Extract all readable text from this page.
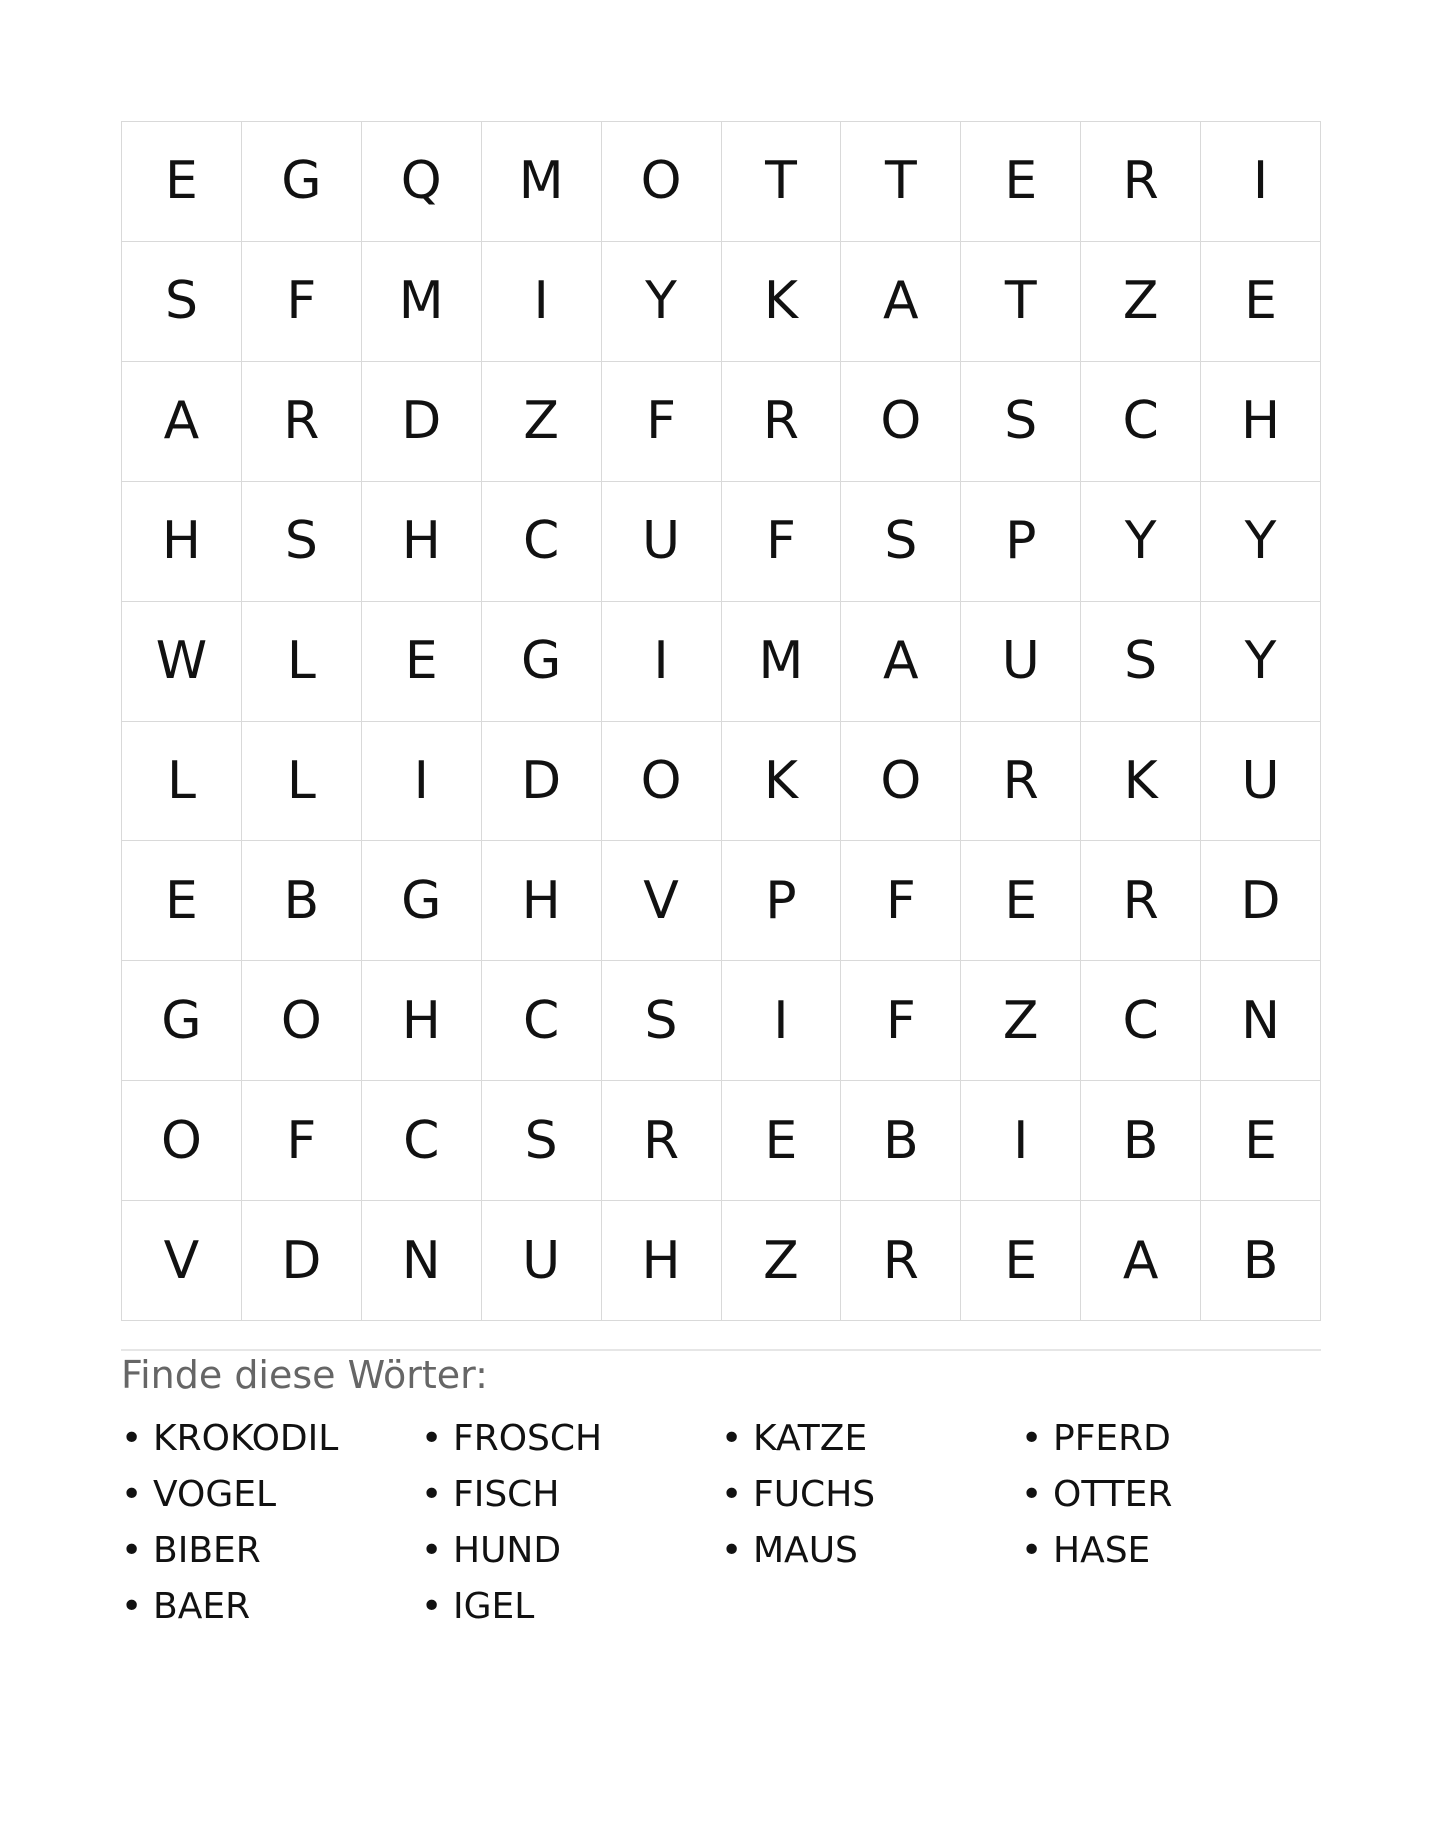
E	G	Q	M	O	T	T	E	R	I
S	F	M	I	Y	K	A	T	Z	E
A	R	D	Z	F	R	O	S	C	H
H	S	H	C	U	F	S	P	Y	Y
W	L	E	G	I	M	A	U	S	Y
L	L	I	D	O	K	O	R	K	U
E	B	G	H	V	P	F	E	R	D
G	O	H	C	S	I	F	Z	C	N
O	F	C	S	R	E	B	I	B	E
V	D	N	U	H	Z	R	E	A	B
Finde diese Wörter:
• KROKODIL	• FROSCH	• KATZE	• PFERD
• VOGEL	• FISCH	• FUCHS	• OTTER
• BIBER	• HUND	• MAUS	• HASE
• BAER	• IGEL
